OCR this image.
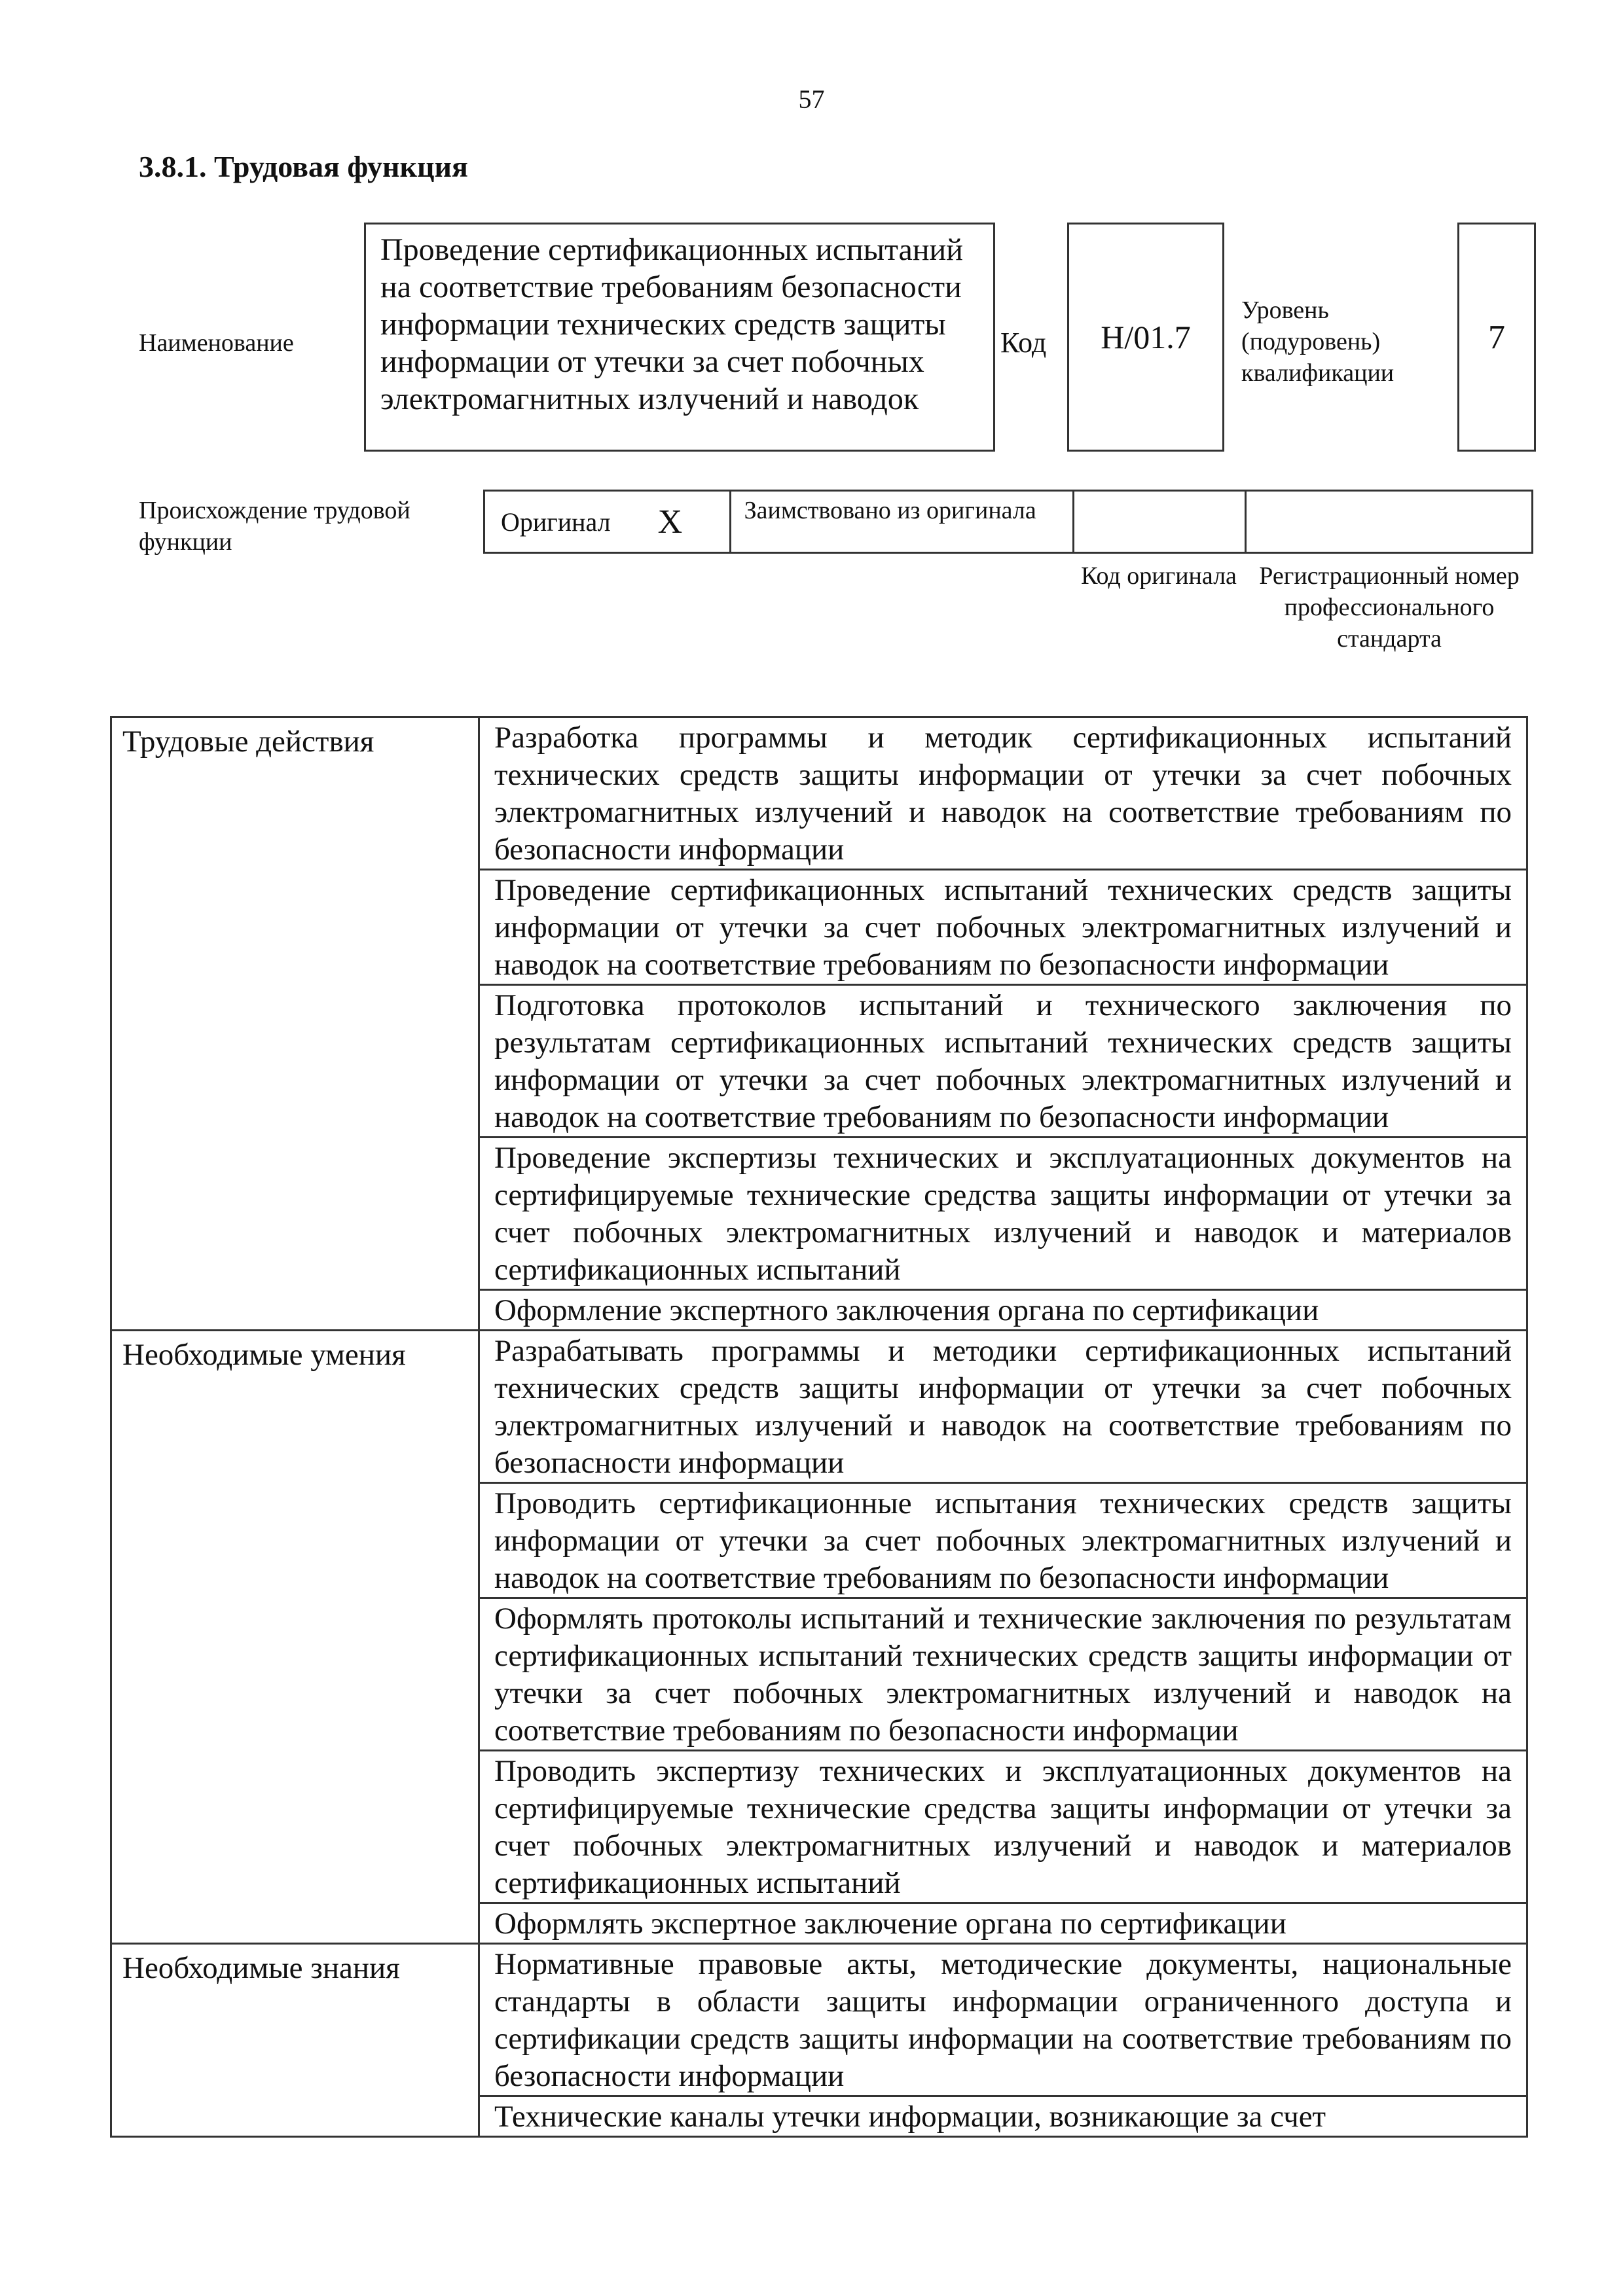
57
3.8.1. Трудовая функция
Наименование
Проведение сертификационных испытаний на соответствие требованиям безопасности информации технических средств защиты информации от утечки за счет побочных электромагнитных излучений и наводок
Код Н/01.7
Уровень (подуровень) квалификации
7
Происхождение трудовой функции
Оригинал X	Заимствовано из оригинала
Код оригинала Регистрационный номер профессионального стандарта
Трудовые действия	Разработка программы и методик сертификационных испытаний технических средств защиты информации от утечки за счет побочных электромагнитных излучений и наводок на соответствие требованиям по безопасности информации
	Проведение сертификационных испытаний технических средств защиты информации от утечки за счет побочных электромагнитных излучений и наводок на соответствие требованиям по безопасности информации
	Подготовка протоколов испытаний и технического заключения по результатам сертификационных испытаний технических средств защиты информации от утечки за счет побочных электромагнитных излучений и наводок на соответствие требованиям по безопасности информации
	Проведение экспертизы технических и эксплуатационных документов на сертифицируемые технические средства защиты информации от утечки за счет побочных электромагнитных излучений и наводок и материалов сертификационных испытаний
	Оформление экспертного заключения органа по сертификации
Необходимые умения	Разрабатывать программы и методики сертификационных испытаний технических средств защиты информации от утечки за счет побочных электромагнитных излучений и наводок на соответствие требованиям по безопасности информации
	Проводить сертификационные испытания технических средств защиты информации от утечки за счет побочных электромагнитных излучений и наводок на соответствие требованиям по безопасности информации
	Оформлять протоколы испытаний и технические заключения по результатам сертификационных испытаний технических средств защиты информации от утечки за счет побочных электромагнитных излучений и наводок на соответствие требованиям по безопасности информации
	Проводить экспертизу технических и эксплуатационных документов на сертифицируемые технические средства защиты информации от утечки за счет побочных электромагнитных излучений и наводок и материалов сертификационных испытаний
	Оформлять экспертное заключение органа по сертификации
Необходимые знания	Нормативные правовые акты, методические документы, национальные стандарты в области защиты информации ограниченного доступа и сертификации средств защиты информации на соответствие требованиям по безопасности информации
	Технические каналы утечки информации, возникающие за счет
